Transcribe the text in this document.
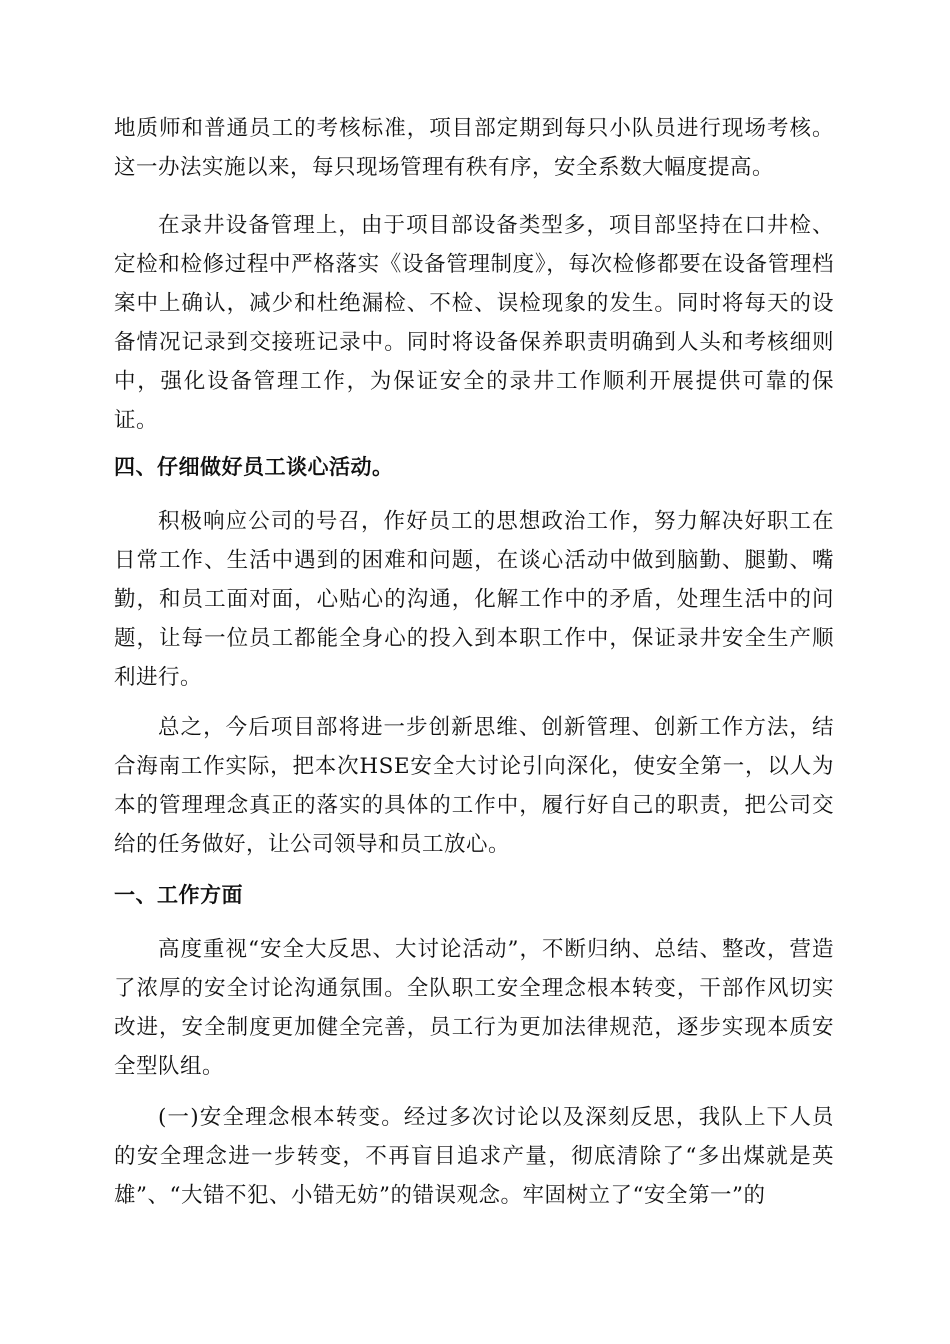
地质师和普通员工的考核标准，项目部定期到每只小队员进行现场考核。这一办法实施以来，每只现场管理有秩有序，安全系数大幅度提高。

在录井设备管理上，由于项目部设备类型多，项目部坚持在口井检、定检和检修过程中严格落实《设备管理制度》，每次检修都要在设备管理档案中上确认，减少和杜绝漏检、不检、误检现象的发生。同时将每天的设备情况记录到交接班记录中。同时将设备保养职责明确到人头和考核细则中，强化设备管理工作，为保证安全的录井工作顺利开展提供可靠的保证。

四、仔细做好员工谈心活动。

积极响应公司的号召，作好员工的思想政治工作，努力解决好职工在日常工作、生活中遇到的困难和问题，在谈心活动中做到脑勤、腿勤、嘴勤，和员工面对面，心贴心的沟通，化解工作中的矛盾，处理生活中的问题，让每一位员工都能全身心的投入到本职工作中，保证录井安全生产顺利进行。

总之，今后项目部将进一步创新思维、创新管理、创新工作方法，结合海南工作实际，把本次HSE安全大讨论引向深化，使安全第一，以人为本的管理理念真正的落实的具体的工作中，履行好自己的职责，把公司交给的任务做好，让公司领导和员工放心。

一、工作方面

高度重视“安全大反思、大讨论活动”，不断归纳、总结、整改，营造了浓厚的安全讨论沟通氛围。全队职工安全理念根本转变，干部作风切实改进，安全制度更加健全完善，员工行为更加法律规范，逐步实现本质安全型队组。

(一)安全理念根本转变。经过多次讨论以及深刻反思，我队上下人员的安全理念进一步转变，不再盲目追求产量，彻底清除了“多出煤就是英雄”、“大错不犯、小错无妨”的错误观念。牢固树立了“安全第一”的
